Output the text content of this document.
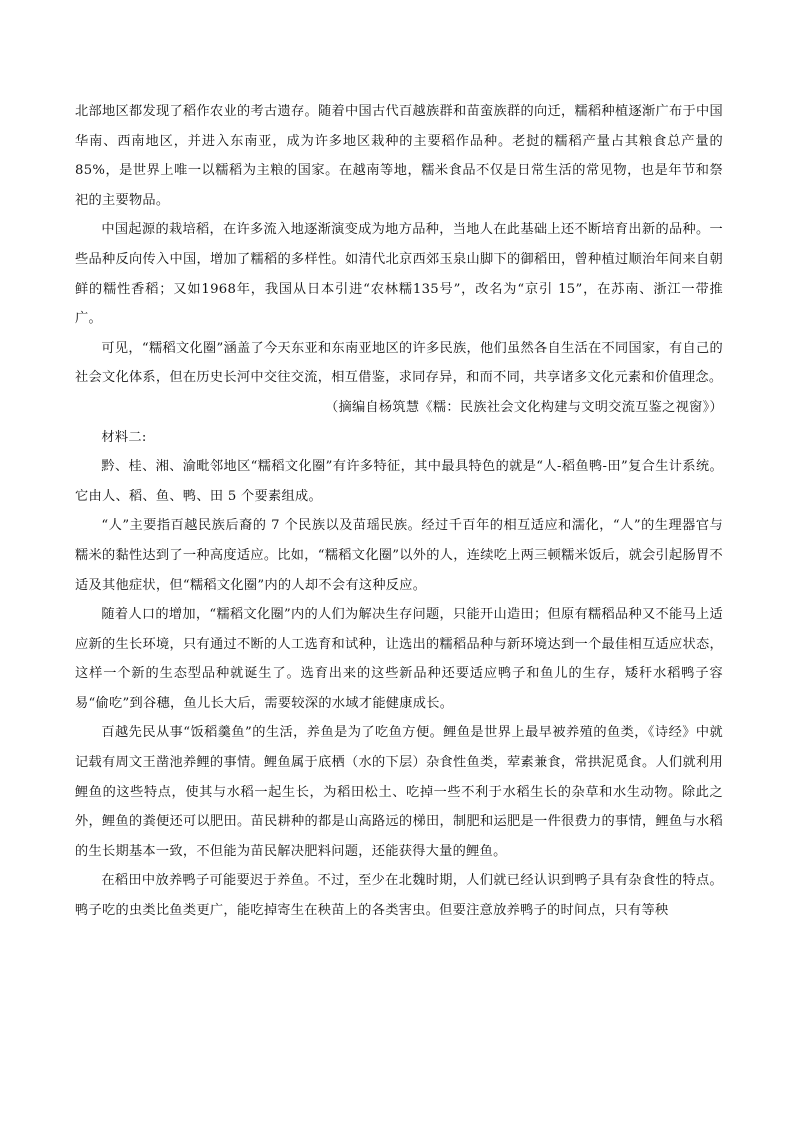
北部地区都发现了稻作农业的考古遗存。随着中国古代百越族群和苗蛮族群的向迁，糯稻种植逐渐广布于中国华南、西南地区，并进入东南亚，成为许多地区栽种的主要稻作品种。老挝的糯稻产量占其粮食总产量的85%，是世界上唯一以糯稻为主粮的国家。在越南等地，糯米食品不仅是日常生活的常见物，也是年节和祭祀的主要物品。

中国起源的栽培稻，在许多流入地逐渐演变成为地方品种，当地人在此基础上还不断培育出新的品种。一些品种反向传入中国，增加了糯稻的多样性。如清代北京西郊玉泉山脚下的御稻田，曾种植过顺治年间来自朝鲜的糯性香稻；又如1968年，我国从日本引进“农林糯135号”，改名为“京引 15”，在苏南、浙江一带推广。

可见，“糯稻文化圈”涵盖了今天东亚和东南亚地区的许多民族，他们虽然各自生活在不同国家，有自己的社会文化体系，但在历史长河中交往交流，相互借鉴，求同存异，和而不同，共享诸多文化元素和价值理念。

（摘编自杨筑慧《糯：民族社会文化构建与文明交流互鉴之视窗》）

材料二:

黔、桂、湘、渝毗邻地区“糯稻文化圈”有许多特征，其中最具特色的就是“人-稻鱼鸭-田”复合生计系统。它由人、稻、鱼、鸭、田 5 个要素组成。

“人”主要指百越民族后裔的 7 个民族以及苗瑶民族。经过千百年的相互适应和濡化，“人”的生理器官与糯米的黏性达到了一种高度适应。比如，“糯稻文化圈”以外的人，连续吃上两三顿糯米饭后，就会引起肠胃不适及其他症状，但“糯稻文化圈”内的人却不会有这种反应。

随着人口的增加，“糯稻文化圈”内的人们为解决生存问题，只能开山造田；但原有糯稻品种又不能马上适应新的生长环境，只有通过不断的人工选育和试种，让选出的糯稻品种与新环境达到一个最佳相互适应状态，这样一个新的生态型品种就诞生了。选育出来的这些新品种还要适应鸭子和鱼儿的生存，矮秆水稻鸭子容易“偷吃”到谷穗，鱼儿长大后，需要较深的水域才能健康成长。

百越先民从事“饭稻羹鱼”的生活，养鱼是为了吃鱼方便。鲤鱼是世界上最早被养殖的鱼类，《诗经》中就记载有周文王凿池养鲤的事情。鲤鱼属于底栖（水的下层）杂食性鱼类，荤素兼食，常拱泥觅食。人们就利用鲤鱼的这些特点，使其与水稻一起生长，为稻田松土、吃掉一些不利于水稻生长的杂草和水生动物。除此之外，鲤鱼的粪便还可以肥田。苗民耕种的都是山高路远的梯田，制肥和运肥是一件很费力的事情，鲤鱼与水稻的生长期基本一致，不但能为苗民解决肥料问题，还能获得大量的鲤鱼。

在稻田中放养鸭子可能要迟于养鱼。不过，至少在北魏时期，人们就已经认识到鸭子具有杂食性的特点。鸭子吃的虫类比鱼类更广，能吃掉寄生在秧苗上的各类害虫。但要注意放养鸭子的时间点，只有等秧
